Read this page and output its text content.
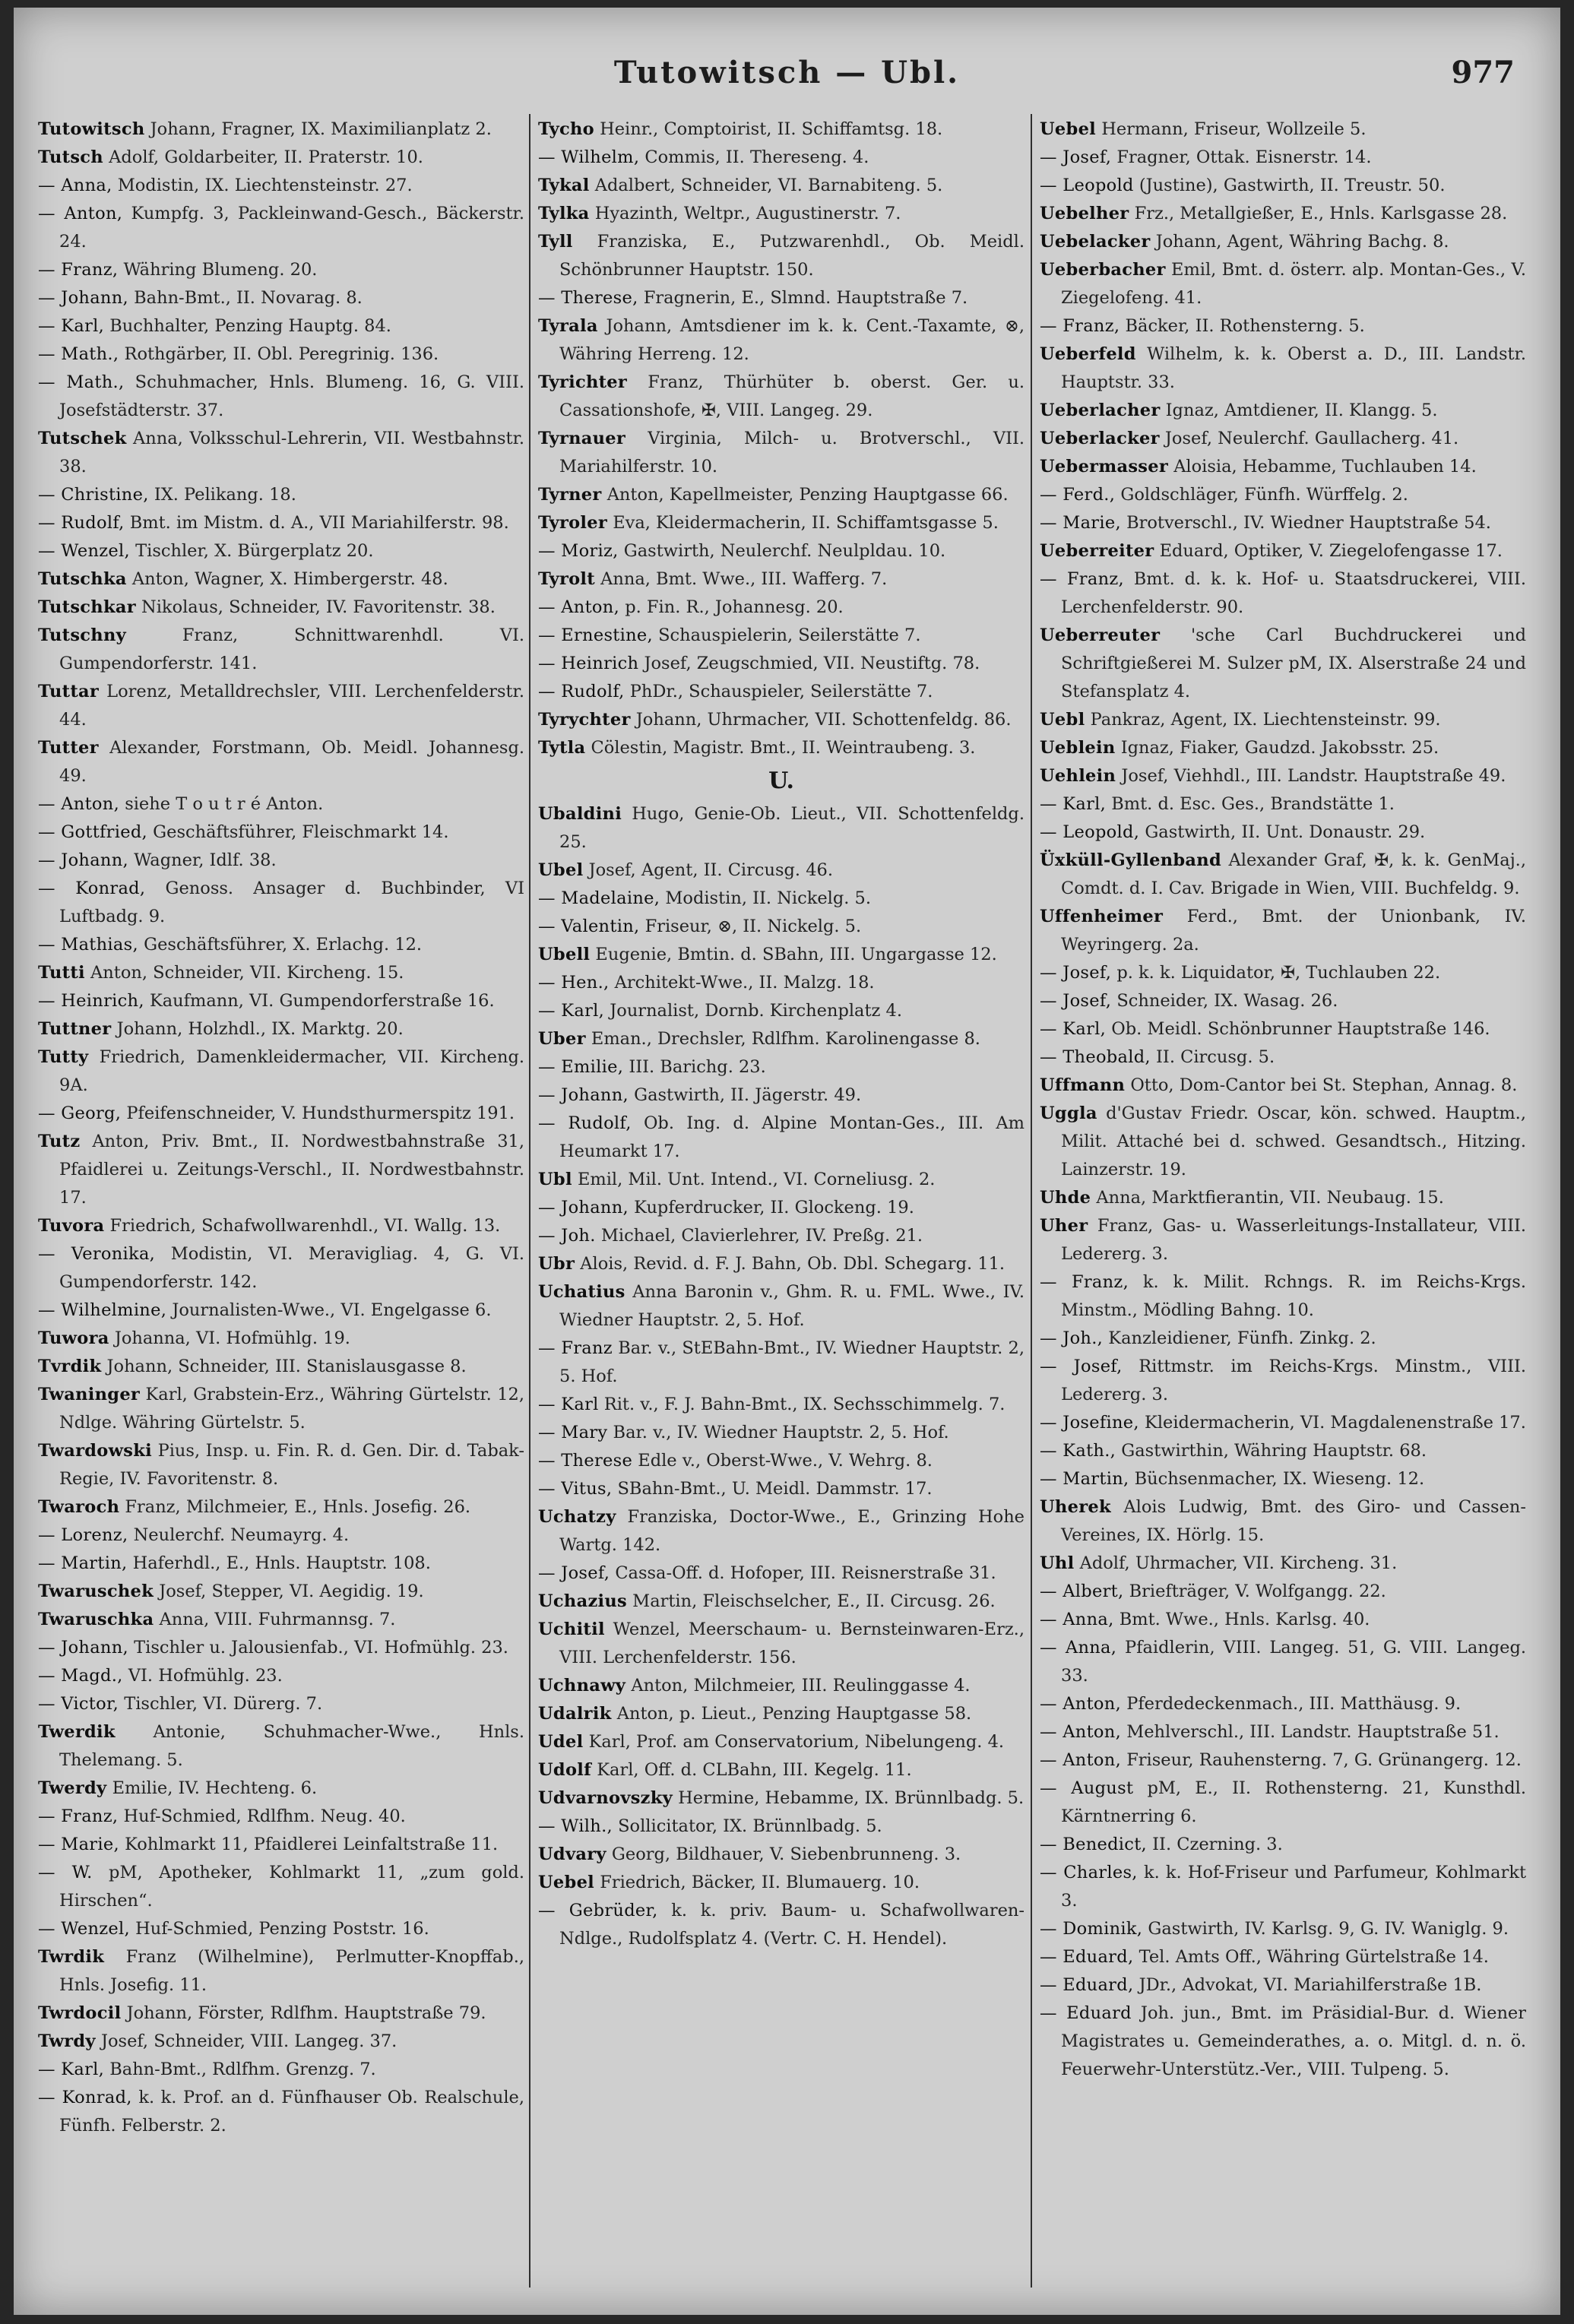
Tutowitsch — Ubl.	977
Tutowitsch Johann, Fragner, IX. Maximilianplatz 2.
Tutsch Adolf, Goldarbeiter, II. Praterstr. 10.
— Anna, Modistin, IX. Liechtensteinstr. 27.
— Anton, Kumpfg. 3, Packleinwand-Gesch., Bäckerstr. 24.
— Franz, Währing Blumeng. 20.
— Johann, Bahn-Bmt., II. Novarag. 8.
— Karl, Buchhalter, Penzing Hauptg. 84.
— Math., Rothgärber, II. Obl. Peregrinig. 136.
— Math., Schuhmacher, Hnls. Blumeng. 16, G. VIII. Josefstädterstr. 37.
Tutschek Anna, Volksschul-Lehrerin, VII. Westbahnstr. 38.
— Christine, IX. Pelikang. 18.
— Rudolf, Bmt. im Mistm. d. A., VII Mariahilferstr. 98.
— Wenzel, Tischler, X. Bürgerplatz 20.
Tutschka Anton, Wagner, X. Himbergerstr. 48.
Tutschkar Nikolaus, Schneider, IV. Favoritenstr. 38.
Tutschny	Franz, Schnittwarenhdl. VI. Gumpendorferstr. 141.
Tuttar Lorenz, Metalldrechsler, VIII. Lerchenfelderstr. 44.
Tutter Alexander, Forstmann, Ob. Meidl. Johannesg. 49.
— Anton, siehe T o u t r é Anton.
— Gottfried, Geschäftsführer, Fleischmarkt 14.
— Johann, Wagner, Idlf. 38.
— Konrad, Genoss. Ansager d. Buchbinder, VI Luftbadg. 9.
— Mathias, Geschäftsführer, X. Erlachg. 12.
Tutti Anton, Schneider, VII. Kircheng. 15.
— Heinrich, Kaufmann, VI. Gumpendorferstraße 16.
Tuttner Johann, Holzhdl., IX. Marktg. 20.
Tutty Friedrich, Damenkleidermacher, VII. Kircheng. 9A.
— Georg, Pfeifenschneider, V. Hundsthurmerspitz 191.
Tutz Anton, Priv. Bmt., II. Nordwestbahnstraße 31, Pfaidlerei u. Zeitungs-Verschl., II. Nordwestbahnstr. 17.
Tuvora Friedrich, Schafwollwarenhdl., VI. Wallg. 13.
— Veronika, Modistin, VI. Meravigliag. 4, G. VI. Gumpendorferstr. 142.
— Wilhelmine, Journalisten-Wwe., VI. Engelgasse 6.
Tuwora Johanna, VI. Hofmühlg. 19.
Tvrdik Johann, Schneider, III. Stanislausgasse 8.
Twaninger Karl, Grabstein-Erz., Währing Gürtelstr. 12, Ndlge. Währing Gürtelstr. 5.
Twardowski Pius, Insp. u. Fin. R. d. Gen. Dir. d. Tabak-Regie, IV. Favoritenstr. 8.
Twaroch Franz, Milchmeier, E., Hnls. Josefig. 26.
— Lorenz, Neulerchf. Neumayrg. 4.
— Martin, Haferhdl., E., Hnls. Hauptstr. 108.
Twaruschek Josef, Stepper, VI. Aegidig. 19.
Twaruschka Anna, VIII. Fuhrmannsg. 7.
— Johann, Tischler u. Jalousienfab., VI. Hofmühlg. 23.
— Magd., VI. Hofmühlg. 23.
— Victor, Tischler, VI. Dürerg. 7.
Twerdik Antonie, Schuhmacher-Wwe., Hnls. Thelemang. 5.
Twerdy Emilie, IV. Hechteng. 6.
— Franz, Huf-Schmied, Rdlfhm. Neug. 40.
— Marie, Kohlmarkt 11, Pfaidlerei Leinfaltstraße 11.
— W. pM, Apotheker, Kohlmarkt 11, „zum gold. Hirschen“.
— Wenzel, Huf-Schmied, Penzing Poststr. 16.
Twrdik Franz (Wilhelmine), Perlmutter-Knopffab., Hnls. Josefig. 11.
Twrdocil Johann, Förster, Rdlfhm. Hauptstraße 79.
Twrdy Josef, Schneider, VIII. Langeg. 37.
— Karl, Bahn-Bmt., Rdlfhm. Grenzg. 7.
— Konrad, k. k. Prof. an d. Fünfhauser Ob. Realschule, Fünfh. Felberstr. 2.
Tycho Heinr., Comptoirist, II. Schiffamtsg. 18.
— Wilhelm, Commis, II. Thereseng. 4.
Tykal Adalbert, Schneider, VI. Barnabiteng. 5.
Tylka Hyazinth, Weltpr., Augustinerstr. 7.
Tyll Franziska, E., Putzwarenhdl., Ob. Meidl. Schönbrunner Hauptstr. 150.
— Therese, Fragnerin, E., Slmnd. Hauptstraße 7.
Tyrala Johann, Amtsdiener im k. k. Cent.-Taxamte, ⊗, Währing Herreng. 12.
Tyrichter Franz, Thürhüter b. oberst. Ger. u. Cassationshofe, ✠, VIII. Langeg. 29.
Tyrnauer Virginia, Milch- u. Brotverschl., VII. Mariahilferstr. 10.
Tyrner Anton, Kapellmeister, Penzing Hauptgasse 66.
Tyroler Eva, Kleidermacherin, II. Schiffamtsgasse 5.
— Moriz, Gastwirth, Neulerchf. Neulpldau. 10.
Tyrolt Anna, Bmt. Wwe., III. Wafferg. 7.
— Anton, p. Fin. R., Johannesg. 20.
— Ernestine, Schauspielerin, Seilerstätte 7.
— Heinrich Josef, Zeugschmied, VII. Neustiftg. 78.
— Rudolf, PhDr., Schauspieler, Seilerstätte 7.
Tyrychter Johann, Uhrmacher, VII. Schottenfeldg. 86.
Tytla Cölestin, Magistr. Bmt., II. Weintraubeng. 3.
U.
Ubaldini Hugo, Genie-Ob. Lieut., VII. Schottenfeldg. 25.
Ubel Josef, Agent, II. Circusg. 46.
— Madelaine, Modistin, II. Nickelg. 5.
— Valentin, Friseur, ⊗, II. Nickelg. 5.
Ubell Eugenie, Bmtin. d. SBahn, III. Ungargasse 12.
— Hen., Architekt-Wwe., II. Malzg. 18.
— Karl, Journalist, Dornb. Kirchenplatz 4.
Uber Eman., Drechsler, Rdlfhm. Karolinengasse 8.
— Emilie, III. Barichg. 23.
— Johann, Gastwirth, II. Jägerstr. 49.
— Rudolf, Ob. Ing. d. Alpine Montan-Ges., III. Am Heumarkt 17.
Ubl Emil, Mil. Unt. Intend., VI. Corneliusg. 2.
— Johann, Kupferdrucker, II. Glockeng. 19.
— Joh. Michael, Clavierlehrer, IV. Preßg. 21.
Ubr Alois, Revid. d. F. J. Bahn, Ob. Dbl. Schegarg. 11.
Uchatius Anna Baronin v., Ghm. R. u. FML. Wwe., IV. Wiedner Hauptstr. 2, 5. Hof.
— Franz Bar. v., StEBahn-Bmt., IV. Wiedner Hauptstr. 2, 5. Hof.
— Karl Rit. v., F. J. Bahn-Bmt., IX. Sechsschimmelg. 7.
— Mary Bar. v., IV. Wiedner Hauptstr. 2, 5. Hof.
— Therese Edle v., Oberst-Wwe., V. Wehrg. 8.
— Vitus, SBahn-Bmt., U. Meidl. Dammstr. 17.
Uchatzy Franziska, Doctor-Wwe., E., Grinzing Hohe Wartg. 142.
— Josef, Cassa-Off. d. Hofoper, III. Reisnerstraße 31.
Uchazius Martin, Fleischselcher, E., II. Circusg. 26.
Uchitil Wenzel, Meerschaum- u. Bernsteinwaren-Erz., VIII. Lerchenfelderstr. 156.
Uchnawy Anton, Milchmeier, III. Reulinggasse 4.
Udalrik Anton, p. Lieut., Penzing Hauptgasse 58.
Udel Karl, Prof. am Conservatorium, Nibelungeng. 4.
Udolf Karl, Off. d. CLBahn, III. Kegelg. 11.
Udvarnovszky Hermine, Hebamme, IX. Brünnlbadg. 5.
— Wilh., Sollicitator, IX. Brünnlbadg. 5.
Udvary Georg, Bildhauer, V. Siebenbrunneng. 3.
Uebel Friedrich, Bäcker, II. Blumauerg. 10.
— Gebrüder, k. k. priv. Baum- u. Schafwollwaren-Ndlge., Rudolfsplatz 4. (Vertr. C. H. Hendel).
Uebel Hermann, Friseur, Wollzeile 5.
— Josef, Fragner, Ottak. Eisnerstr. 14.
— Leopold (Justine), Gastwirth, II. Treustr. 50.
Uebelher Frz., Metallgießer, E., Hnls. Karlsgasse 28.
Uebelacker Johann, Agent, Währing Bachg. 8.
Ueberbacher Emil, Bmt. d. österr. alp. Montan-Ges., V. Ziegelofeng. 41.
— Franz, Bäcker, II. Rothensterng. 5.
Ueberfeld Wilhelm, k. k. Oberst a. D., III. Landstr. Hauptstr. 33.
Ueberlacher Ignaz, Amtdiener, II. Klangg. 5.
Ueberlacker Josef, Neulerchf. Gaullacherg. 41.
Uebermasser Aloisia, Hebamme, Tuchlauben 14.
— Ferd., Goldschläger, Fünfh. Würffelg. 2.
— Marie, Brotverschl., IV. Wiedner Hauptstraße 54.
Ueberreiter Eduard, Optiker, V. Ziegelofengasse 17.
— Franz, Bmt. d. k. k. Hof- u. Staatsdruckerei, VIII. Lerchenfelderstr. 90.
Ueberreuter 'sche Carl Buchdruckerei und Schriftgießerei M. Sulzer pM, IX. Alserstraße 24 und Stefansplatz 4.
Uebl Pankraz, Agent, IX. Liechtensteinstr. 99.
Ueblein Ignaz, Fiaker, Gaudzd. Jakobsstr. 25.
Uehlein Josef, Viehhdl., III. Landstr. Hauptstraße 49.
— Karl, Bmt. d. Esc. Ges., Brandstätte 1.
— Leopold, Gastwirth, II. Unt. Donaustr. 29.
Üxküll-Gyllenband Alexander Graf, ✠, k. k. GenMaj., Comdt. d. I. Cav. Brigade in Wien, VIII. Buchfeldg. 9.
Uffenheimer Ferd., Bmt. der Unionbank, IV. Weyringerg. 2a.
— Josef, p. k. k. Liquidator, ✠, Tuchlauben 22.
— Josef, Schneider, IX. Wasag. 26.
— Karl, Ob. Meidl. Schönbrunner Hauptstraße 146.
— Theobald, II. Circusg. 5.
Uffmann Otto, Dom-Cantor bei St. Stephan, Annag. 8.
Uggla d'Gustav Friedr. Oscar, kön. schwed. Hauptm., Milit. Attaché bei d. schwed. Gesandtsch., Hitzing. Lainzerstr. 19.
Uhde Anna, Marktfierantin, VII. Neubaug. 15.
Uher Franz, Gas- u. Wasserleitungs-Installateur, VIII. Ledererg. 3.
— Franz, k. k. Milit. Rchngs. R. im Reichs-Krgs. Minstm., Mödling Bahng. 10.
— Joh., Kanzleidiener, Fünfh. Zinkg. 2.
— Josef, Rittmstr. im Reichs-Krgs. Minstm., VIII. Ledererg. 3.
— Josefine, Kleidermacherin, VI. Magdalenenstraße 17.
— Kath., Gastwirthin, Währing Hauptstr. 68.
— Martin, Büchsenmacher, IX. Wieseng. 12.
Uherek Alois Ludwig, Bmt. des Giro- und Cassen-Vereines, IX. Hörlg. 15.
Uhl Adolf, Uhrmacher, VII. Kircheng. 31.
— Albert, Briefträger, V. Wolfgangg. 22.
— Anna, Bmt. Wwe., Hnls. Karlsg. 40.
— Anna, Pfaidlerin, VIII. Langeg. 51, G. VIII. Langeg. 33.
— Anton, Pferdedeckenmach., III. Matthäusg. 9.
— Anton, Mehlverschl., III. Landstr. Hauptstraße 51.
— Anton, Friseur, Rauhensterng. 7, G. Grünangerg. 12.
— August pM, E., II. Rothensterng. 21, Kunsthdl. Kärntnerring 6.
— Benedict, II. Czerning. 3.
— Charles, k. k. Hof-Friseur und Parfumeur, Kohlmarkt 3.
— Dominik, Gastwirth, IV. Karlsg. 9, G. IV. Waniglg. 9.
— Eduard, Tel. Amts Off., Währing Gürtelstraße 14.
— Eduard, JDr., Advokat, VI. Mariahilferstraße 1B.
— Eduard Joh. jun., Bmt. im Präsidial-Bur. d. Wiener Magistrates u. Gemeinderathes, a. o. Mitgl. d. n. ö. Feuerwehr-Unterstütz.-Ver., VIII. Tulpeng. 5.
